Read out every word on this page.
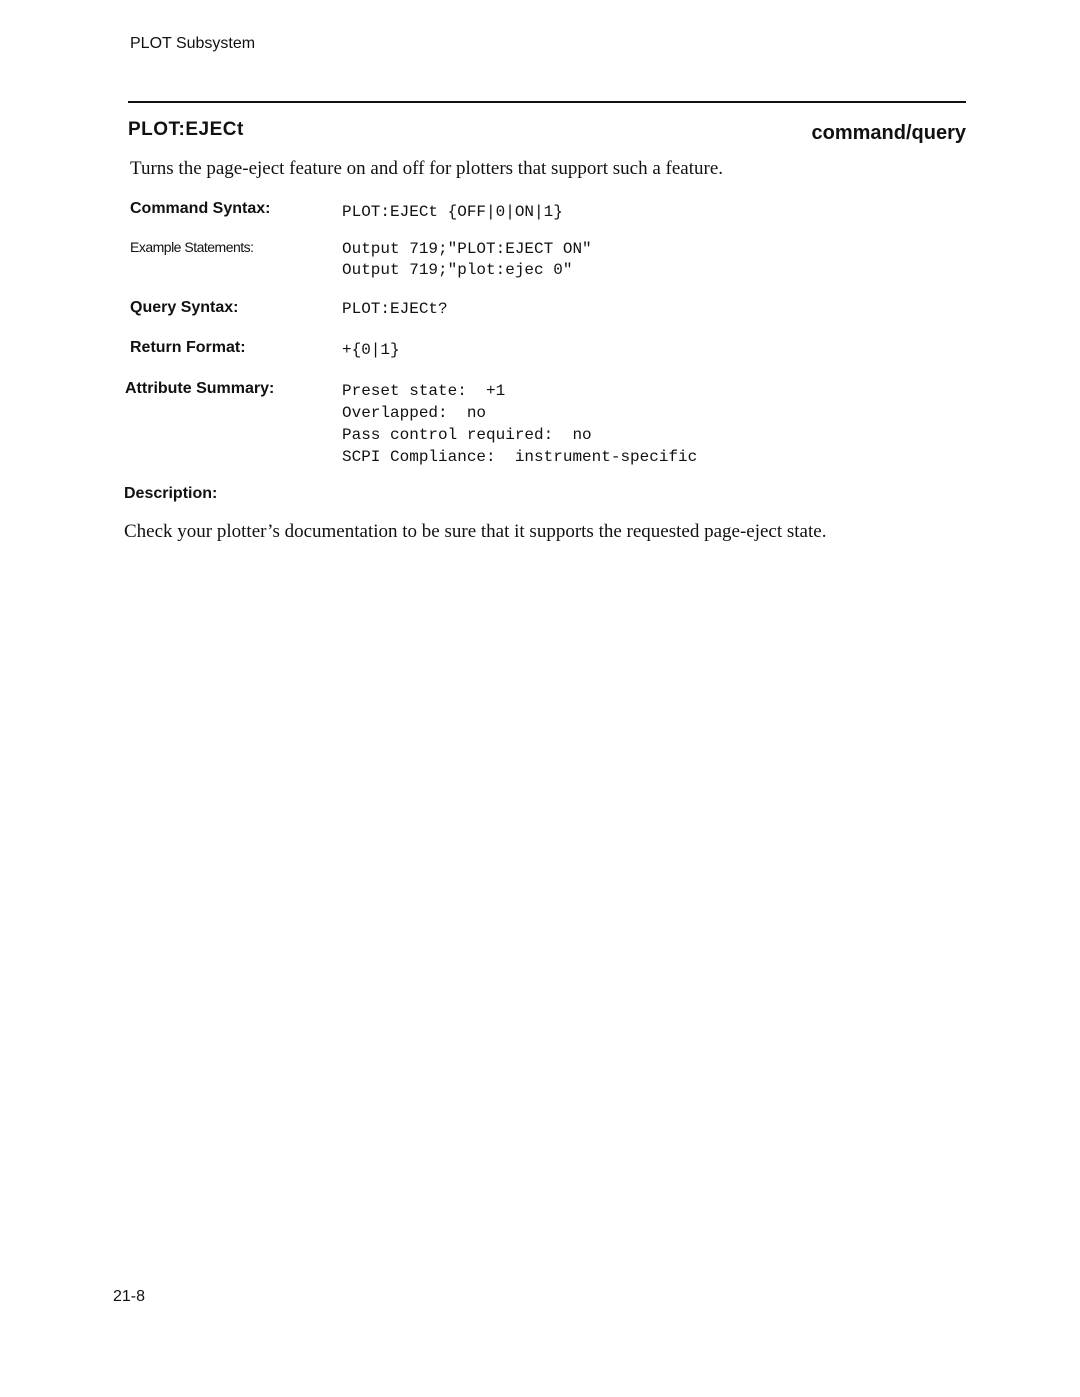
PLOT Subsystem
PLOT:EJECt	command/query
Turns the page-eject feature on and off for plotters that support such a feature.
Command Syntax:	PLOT:EJECt {OFF|0|ON|1}
Example Statements:	Output 719;"PLOT:EJECT ON"
Output 719;"plot:ejec 0"
Query Syntax:	PLOT:EJECt?
Return Format:	+{0|1}
Attribute Summary:	Preset state:  +1
Overlapped:  no
Pass control required:  no
SCPI Compliance:  instrument-specific
Description:
Check your plotter’s documentation to be sure that it supports the requested page-eject state.
21-8
